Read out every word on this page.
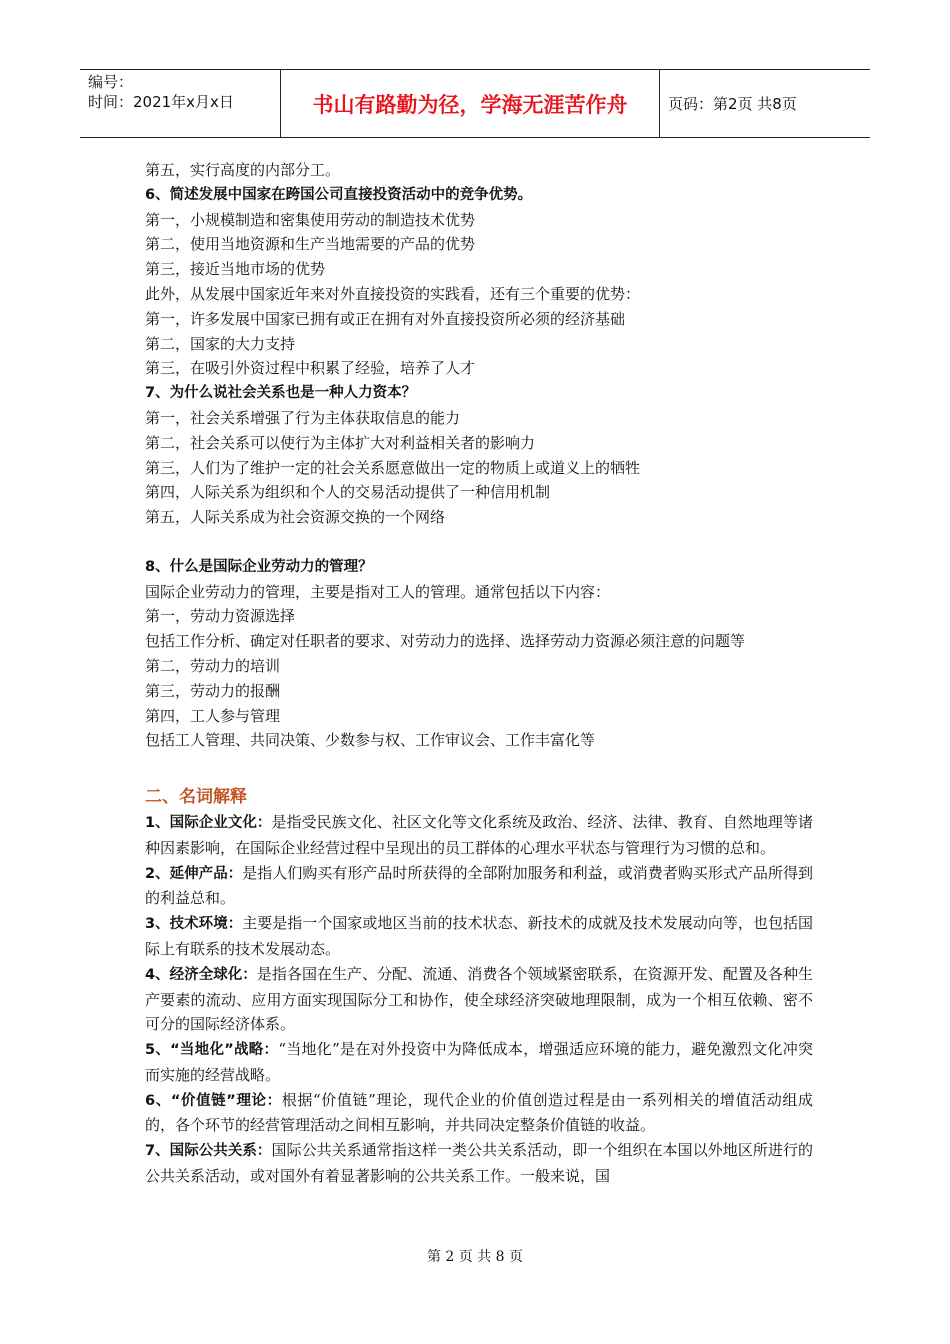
编号：
时间：2021年x月x日	书山有路勤为径，学海无涯苦作舟	页码：第2页 共8页
第五，实行高度的内部分工。
6、简述发展中国家在跨国公司直接投资活动中的竞争优势。
第一，小规模制造和密集使用劳动的制造技术优势
第二，使用当地资源和生产当地需要的产品的优势
第三，接近当地市场的优势
此外，从发展中国家近年来对外直接投资的实践看，还有三个重要的优势：
第一，许多发展中国家已拥有或正在拥有对外直接投资所必须的经济基础
第二，国家的大力支持
第三，在吸引外资过程中积累了经验，培养了人才
7、为什么说社会关系也是一种人力资本？
第一，社会关系增强了行为主体获取信息的能力
第二，社会关系可以使行为主体扩大对利益相关者的影响力
第三，人们为了维护一定的社会关系愿意做出一定的物质上或道义上的牺牲
第四，人际关系为组织和个人的交易活动提供了一种信用机制
第五，人际关系成为社会资源交换的一个网络
8、什么是国际企业劳动力的管理？
国际企业劳动力的管理，主要是指对工人的管理。通常包括以下内容：
第一，劳动力资源选择
包括工作分析、确定对任职者的要求、对劳动力的选择、选择劳动力资源必须注意的问题等
第二，劳动力的培训
第三，劳动力的报酬
第四，工人参与管理
包括工人管理、共同决策、少数参与权、工作审议会、工作丰富化等
二、名词解释
1、国际企业文化：是指受民族文化、社区文化等文化系统及政治、经济、法律、教育、自然地理等诸种因素影响，在国际企业经营过程中呈现出的员工群体的心理水平状态与管理行为习惯的总和。
2、延伸产品：是指人们购买有形产品时所获得的全部附加服务和利益，或消费者购买形式产品所得到的利益总和。
3、技术环境：主要是指一个国家或地区当前的技术状态、新技术的成就及技术发展动向等，也包括国际上有联系的技术发展动态。
4、经济全球化：是指各国在生产、分配、流通、消费各个领域紧密联系，在资源开发、配置及各种生产要素的流动、应用方面实现国际分工和协作，使全球经济突破地理限制，成为一个相互依赖、密不可分的国际经济体系。
5、“当地化”战略：“当地化”是在对外投资中为降低成本，增强适应环境的能力，避免激烈文化冲突而实施的经营战略。
6、“价值链”理论：根据“价值链”理论，现代企业的价值创造过程是由一系列相关的增值活动组成的，各个环节的经营管理活动之间相互影响，并共同决定整条价值链的收益。
7、国际公共关系：国际公共关系通常指这样一类公共关系活动，即一个组织在本国以外地区所进行的公共关系活动，或对国外有着显著影响的公共关系工作。一般来说，国
第 2 页 共 8 页
